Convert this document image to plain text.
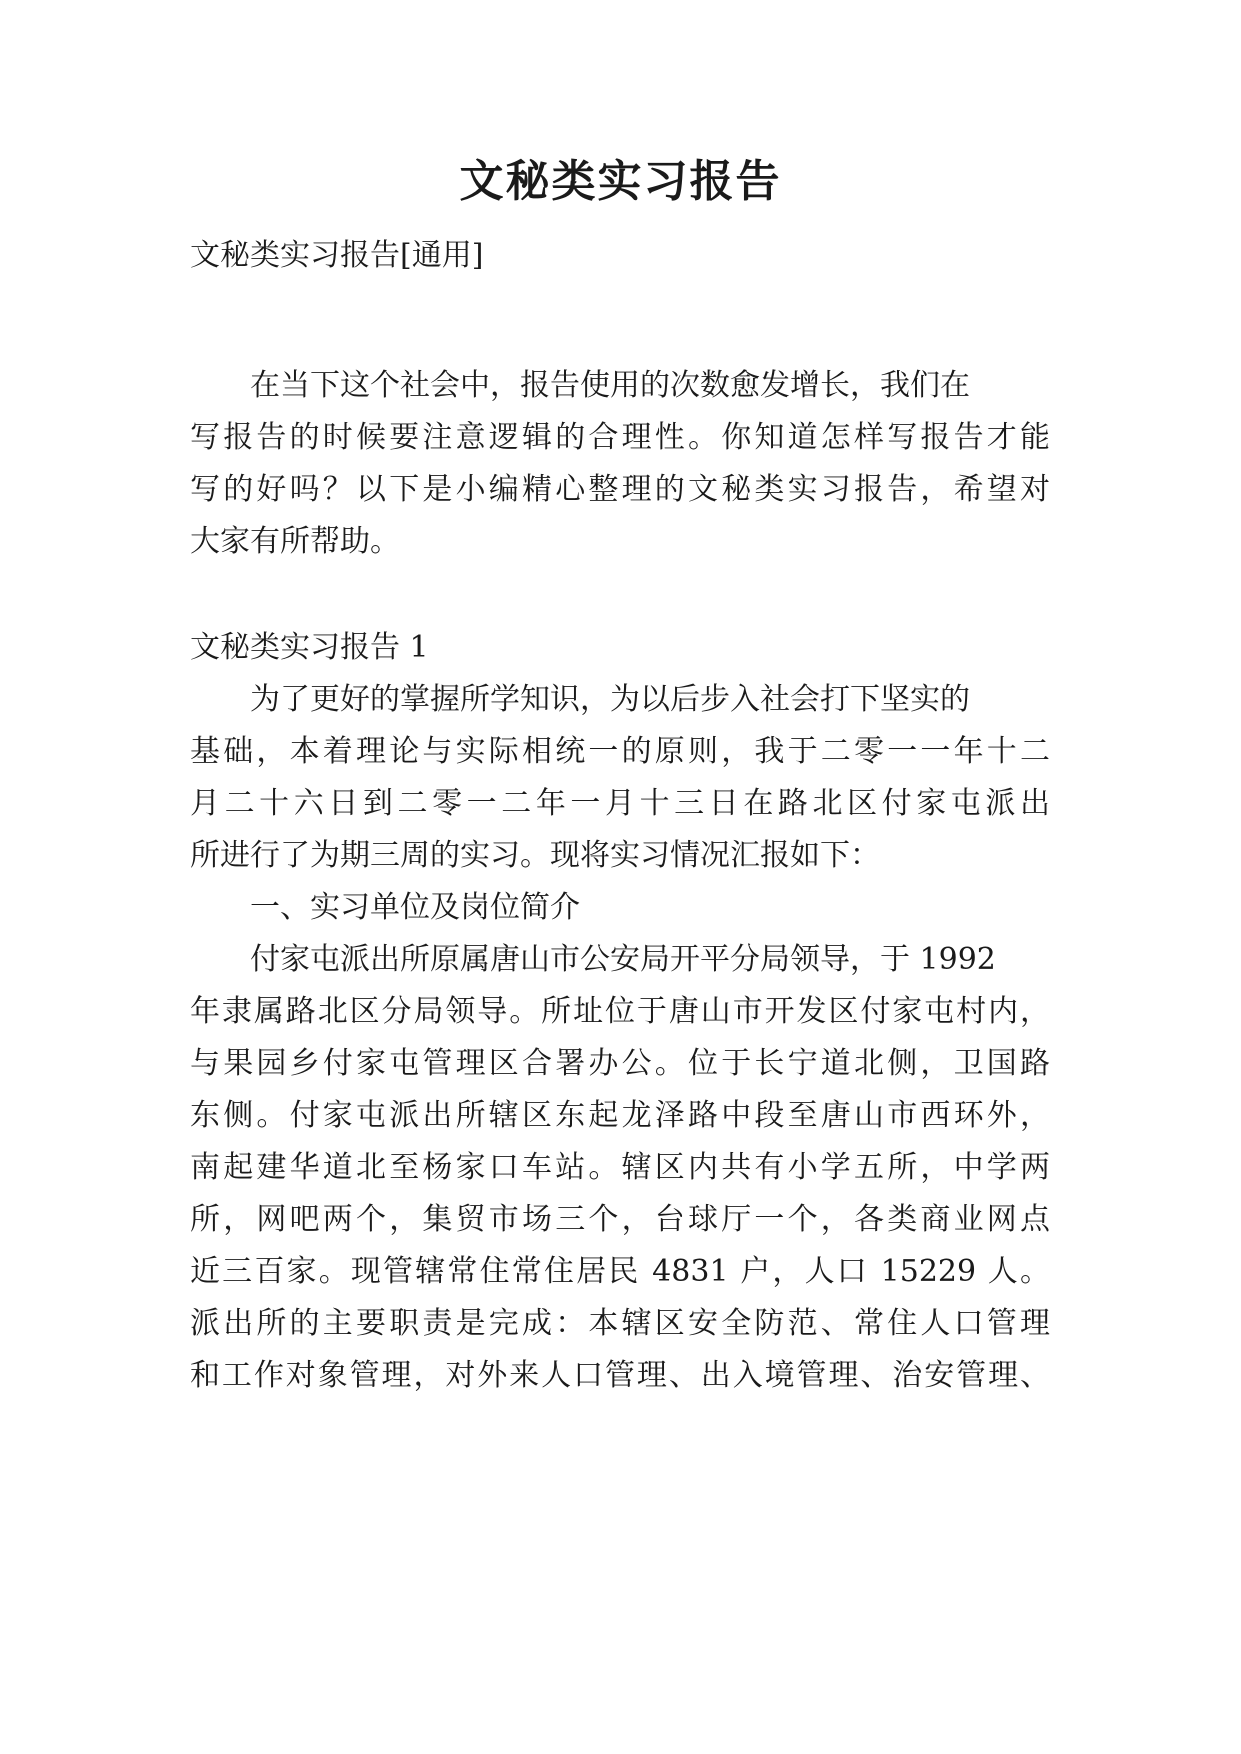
文秘类实习报告

文秘类实习报告[通用]

在当下这个社会中，报告使用的次数愈发增长，我们在

写报告的时候要注意逻辑的合理性。你知道怎样写报告才能

写的好吗？以下是小编精心整理的文秘类实习报告，希望对

大家有所帮助。

文秘类实习报告 1

为了更好的掌握所学知识，为以后步入社会打下坚实的

基础，本着理论与实际相统一的原则，我于二零一一年十二

月二十六日到二零一二年一月十三日在路北区付家屯派出

所进行了为期三周的实习。现将实习情况汇报如下：

一、实习单位及岗位简介

付家屯派出所原属唐山市公安局开平分局领导，于 1992

年隶属路北区分局领导。所址位于唐山市开发区付家屯村内，

与果园乡付家屯管理区合署办公。位于长宁道北侧，卫国路

东侧。付家屯派出所辖区东起龙泽路中段至唐山市西环外，

南起建华道北至杨家口车站。辖区内共有小学五所，中学两

所，网吧两个，集贸市场三个，台球厅一个，各类商业网点

近三百家。现管辖常住常住居民 4831 户，人口 15229 人。

派出所的主要职责是完成：本辖区安全防范、常住人口管理

和工作对象管理，对外来人口管理、出入境管理、治安管理、
